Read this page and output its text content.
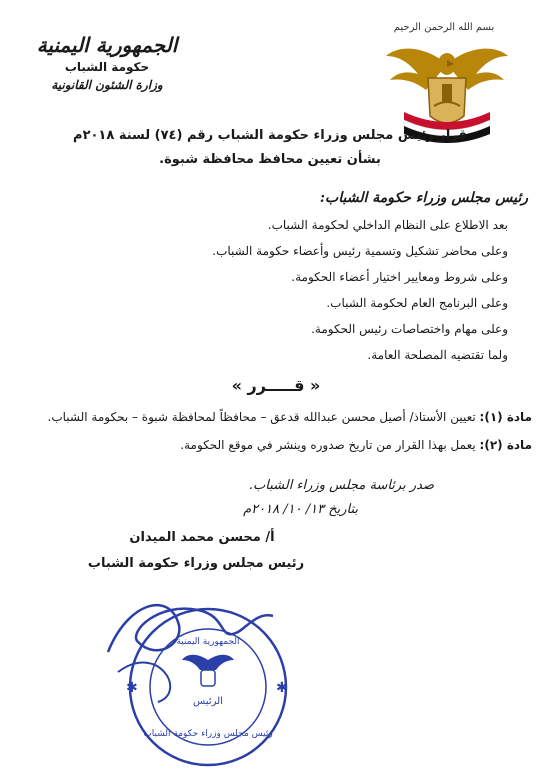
بسم الله الرحمن الرحيم
الجمهورية اليمنية
حكومة الشباب
وزارة الشئون القانونية
قرار رئيس مجلس وزراء حكومة الشباب رقم (٧٤) لسنة ٢٠١٨م
بشأن تعيين محافظ محافظة شبوة.
رئيس مجلس وزراء حكومة الشباب:
بعد الاطلاع على النظام الداخلي لحكومة الشباب.
وعلى محاضر تشكيل وتسمية رئيس وأعضاء حكومة الشباب.
وعلى شروط ومعايير اختيار أعضاء الحكومة.
وعلى البرنامج العام لحكومة الشباب.
وعلى مهام واختصاصات رئيس الحكومة.
ولما تقتضيه المصلحة العامة.
« قـــــرر »
مادة (١): تعيين الأستاذ/ أصيل محسن عبدالله قدعق – محافظاً لمحافظة شبوة – بحكومة الشباب.
مادة (٢): يعمل بهذا القرار من تاريخ صدوره وينشر في موقع الحكومة.
صدر برئاسة مجلس وزراء الشباب.
بتاريخ ١٣/ ١٠/ ٢٠١٨م
أ/ محسن محمد الميدان
رئيس مجلس وزراء حكومة الشباب
✱	✱
الجمهورية اليمنية
الرئيس
رئيس مجلس وزراء حكومة الشباب
